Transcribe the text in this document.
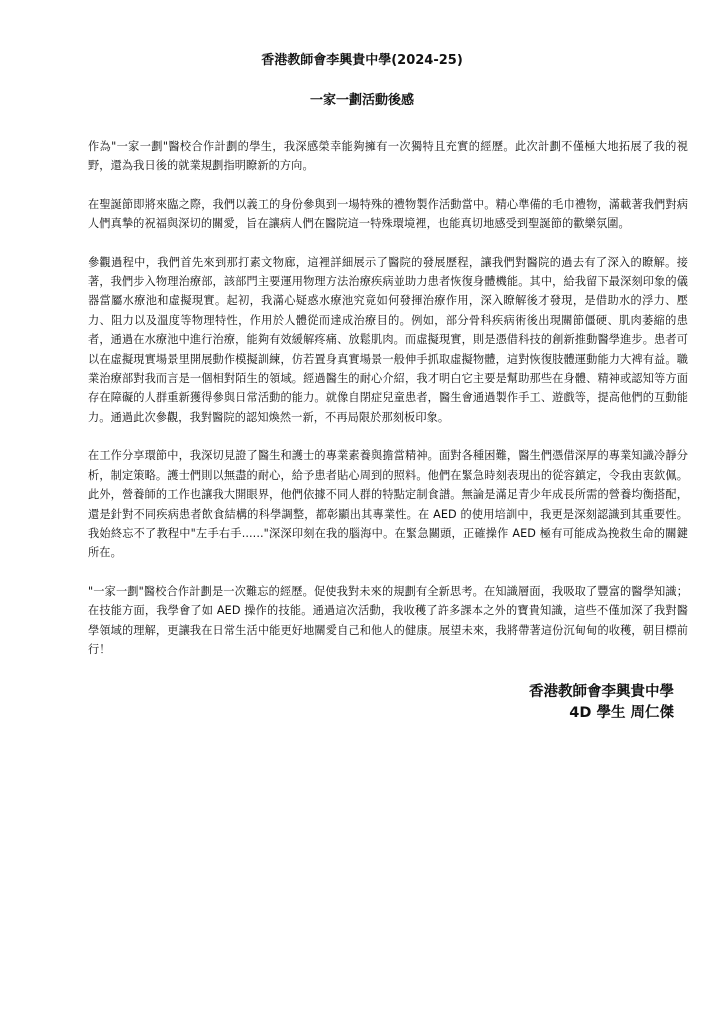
香港教師會李興貴中學(2024-25)
一家一劃活動後感

作為"一家一劃"醫校合作計劃的學生，我深感榮幸能夠擁有一次獨特且充實的經歷。此次計劃不僅極大地拓展了我的視野，還為我日後的就業規劃指明瞭新的方向。

在聖誕節即將來臨之際，我們以義工的身份參與到一場特殊的禮物製作活動當中。精心準備的毛巾禮物，滿載著我們對病人們真摯的祝福與深切的關愛，旨在讓病人們在醫院這一特殊環境裡，也能真切地感受到聖誕節的歡樂氛圍。

參觀過程中，我們首先來到那打素文物廊，這裡詳細展示了醫院的發展歷程，讓我們對醫院的過去有了深入的瞭解。接著，我們步入物理治療部，該部門主要運用物理方法治療疾病並助力患者恢復身體機能。其中，給我留下最深刻印象的儀器當屬水療池和虛擬現實。起初，我滿心疑惑水療池究竟如何發揮治療作用，深入瞭解後才發現，是借助水的浮力、壓力、阻力以及溫度等物理特性，作用於人體從而達成治療目的。例如，部分骨科疾病術後出現關節僵硬、肌肉萎縮的患者，通過在水療池中進行治療，能夠有效緩解疼痛、放鬆肌肉。而虛擬現實，則是憑借科技的創新推動醫學進步。患者可以在虛擬現實場景里開展動作模擬訓練，仿若置身真實場景一般伸手抓取虛擬物體，這對恢復肢體運動能力大裨有益。職業治療部對我而言是一個相對陌生的領域。經過醫生的耐心介紹，我才明白它主要是幫助那些在身體、精神或認知等方面存在障礙的人群重新獲得參與日常活動的能力。就像自閉症兒童患者，醫生會通過製作手工、遊戲等，提高他們的互動能力。通過此次參觀，我對醫院的認知煥然一新，不再局限於那刻板印象。

在工作分享環節中，我深切見證了醫生和護士的專業素養與擔當精神。面對各種困難，醫生們憑借深厚的專業知識冷靜分析，制定策略。護士們則以無盡的耐心，給予患者貼心周到的照料。他們在緊急時刻表現出的從容鎮定，令我由衷欽佩。此外，營養師的工作也讓我大開眼界，他們依據不同人群的特點定制食譜。無論是滿足青少年成長所需的營養均衡搭配，還是針對不同疾病患者飲食結構的科學調整，都彰顯出其專業性。在 AED 的使用培訓中，我更是深刻認識到其重要性。我始終忘不了教程中"左手右手......"深深印刻在我的腦海中。在緊急關頭，正確操作 AED 極有可能成為挽救生命的關鍵所在。

"一家一劃"醫校合作計劃是一次難忘的經歷。促使我對未來的規劃有全新思考。在知識層面，我吸取了豐富的醫學知識；在技能方面，我學會了如 AED 操作的技能。通過這次活動，我收穫了許多課本之外的寶貴知識，這些不僅加深了我對醫學領域的理解，更讓我在日常生活中能更好地關愛自己和他人的健康。展望未來，我將帶著這份沉甸甸的收穫，朝目標前行！

香港教師會李興貴中學
4D 學生 周仁傑
